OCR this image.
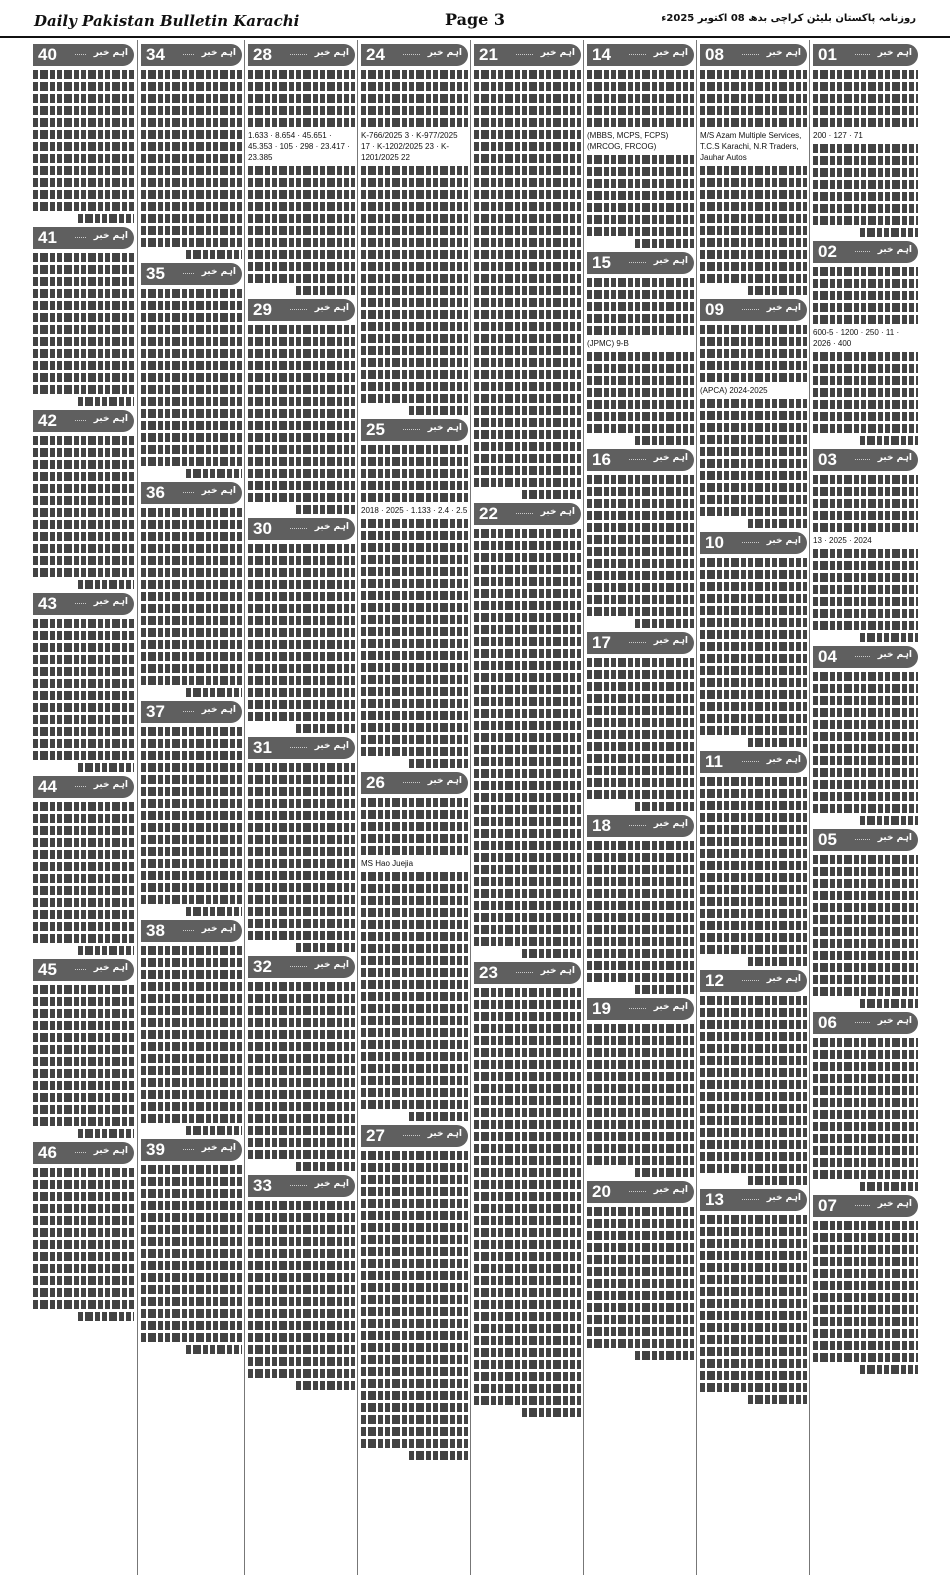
Daily Pakistan Bulletin Karachi	Page 3	روزنامہ پاکستان بلیٹن کراچی بدھ 08 اکتوبر 2025ء
40	اہم خبر
41	اہم خبر
42	اہم خبر
43	اہم خبر
44	اہم خبر
45	اہم خبر
46	اہم خبر
34	اہم خبر
35	اہم خبر
36	اہم خبر
37	اہم خبر
38	اہم خبر
39	اہم خبر
28	اہم خبر
1.633 · 8.654 · 45.651 · 45.353 · 105 · 298 · 23.417 · 23.385
29	اہم خبر
30	اہم خبر
31	اہم خبر
32	اہم خبر
33	اہم خبر
24	اہم خبر
K-766/2025 3 · K-977/2025 17 · K-1202/2025 23 · K-1201/2025 22
25	اہم خبر
2018 · 2025 · 1.133 · 2.4 · 2.5
26	اہم خبر
MS Hao Juejia
27	اہم خبر
21	اہم خبر
22	اہم خبر
23	اہم خبر
14	اہم خبر
(MBBS, MCPS, FCPS) (MRCOG, FRCOG)
15	اہم خبر
(JPMC) 9-B
16	اہم خبر
17	اہم خبر
18	اہم خبر
19	اہم خبر
20	اہم خبر
08	اہم خبر
M/S Azam Multiple Services, T.C.S Karachi, N.R Traders, Jauhar Autos
09	اہم خبر
(APCA) 2024-2025
10	اہم خبر
11	اہم خبر
12	اہم خبر
13	اہم خبر
01	اہم خبر
200 · 127 · 71
02	اہم خبر
600-5 · 1200 · 250 · 11 · 2026 · 400
03	اہم خبر
13 · 2025 · 2024
04	اہم خبر
05	اہم خبر
06	اہم خبر
07	اہم خبر
